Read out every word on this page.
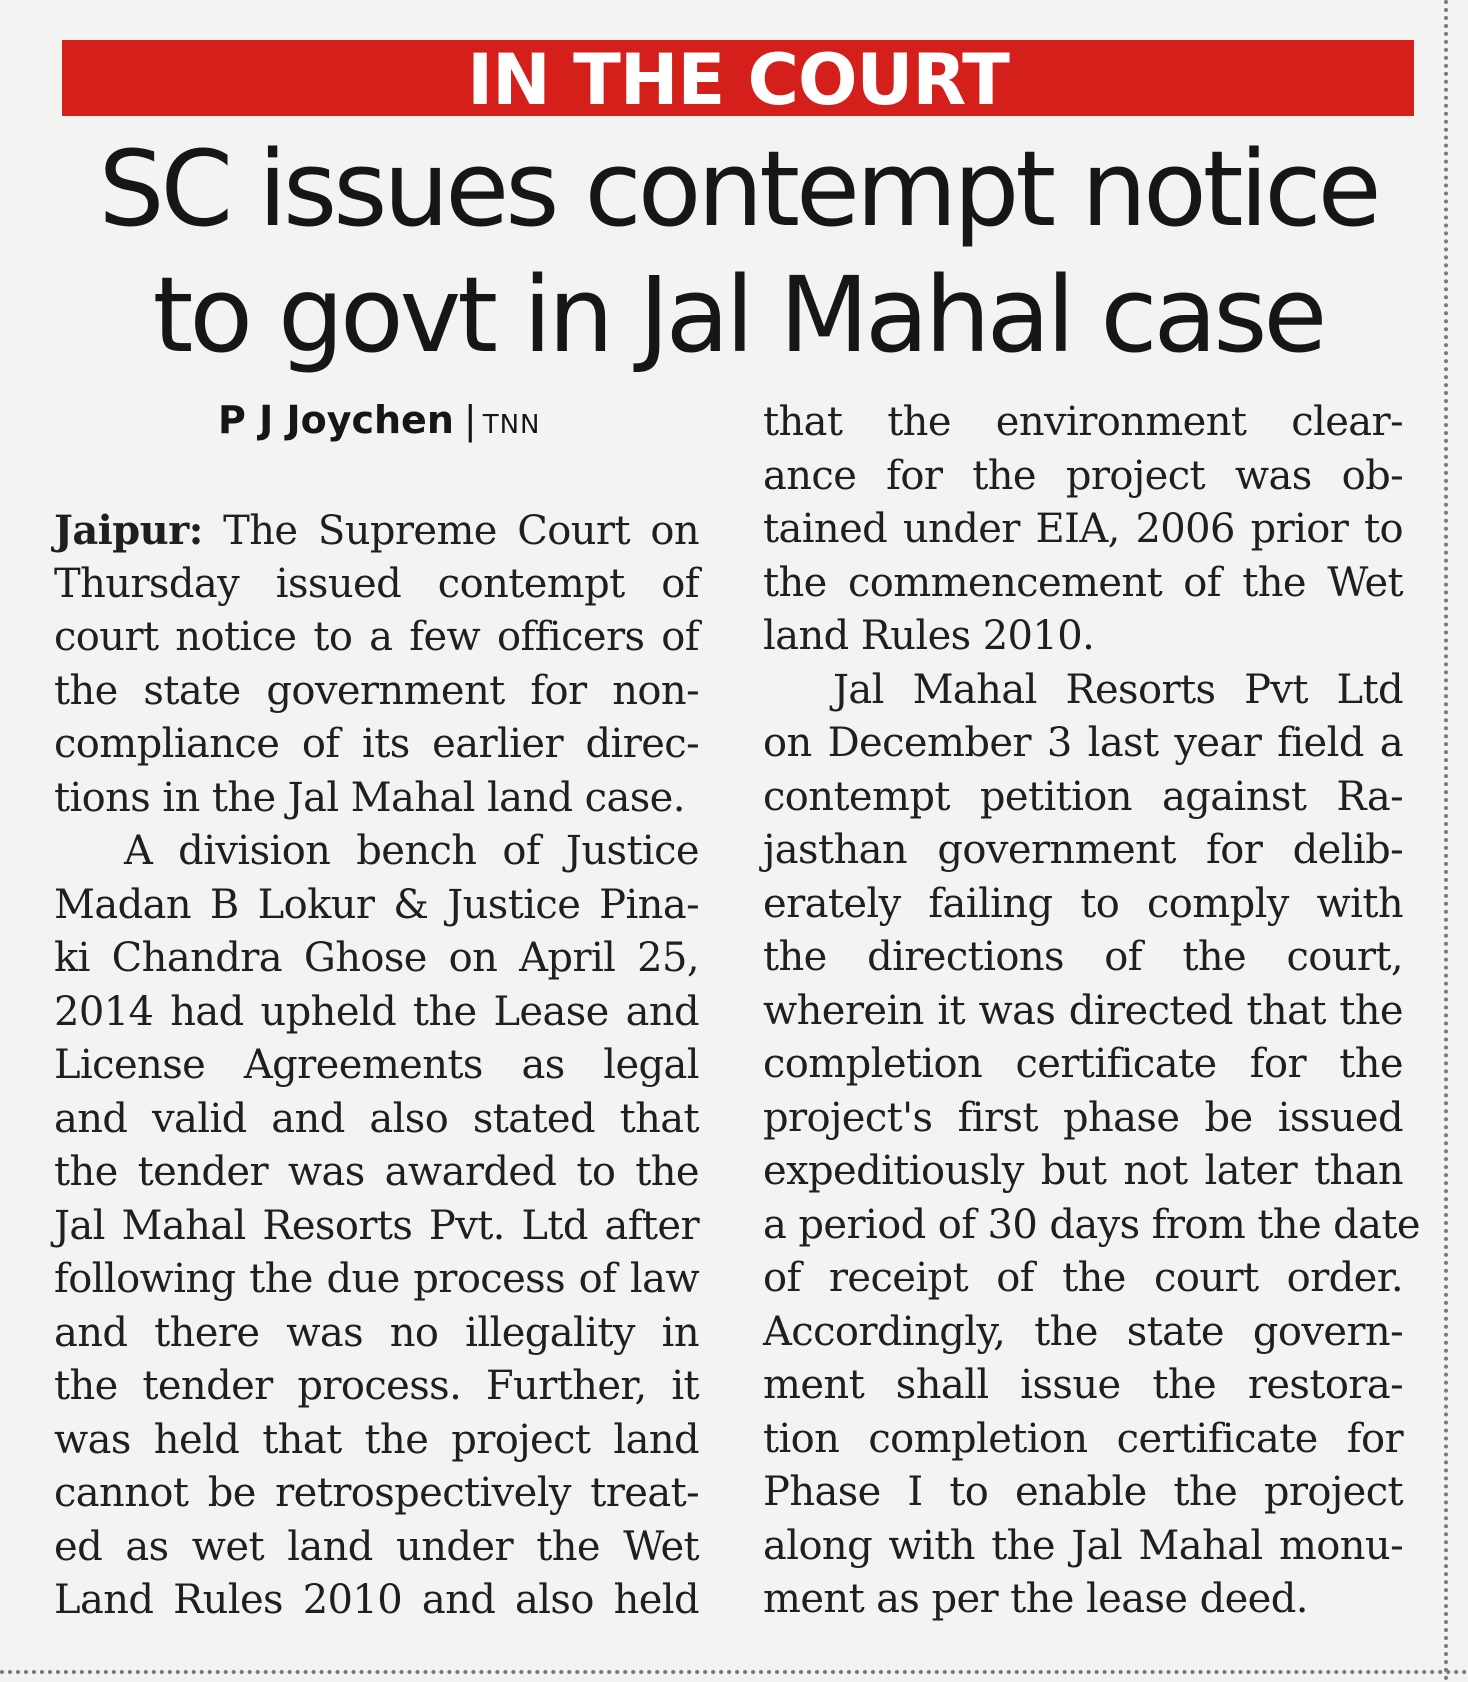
IN THE COURT
SC issues contempt notice to govt in Jal Mahal case
P J Joychen | TNN
Jaipur: The Supreme Court on
Thursday issued contempt of
court notice to a few officers of
the state government for non-
compliance of its earlier direc-
tions in the Jal Mahal land case.
A division bench of Justice
Madan B Lokur & Justice Pina-
ki Chandra Ghose on April 25,
2014 had upheld the Lease and
License Agreements as legal
and valid and also stated that
the tender was awarded to the
Jal Mahal Resorts Pvt. Ltd after
following the due process of law
and there was no illegality in
the tender process. Further, it
was held that the project land
cannot be retrospectively treat-
ed as wet land under the Wet
Land Rules 2010 and also held
that the environment clear-
ance for the project was ob-
tained under EIA, 2006 prior to
the commencement of the Wet
land Rules 2010.
Jal Mahal Resorts Pvt Ltd
on December 3 last year field a
contempt petition against Ra-
jasthan government for delib-
erately failing to comply with
the directions of the court,
wherein it was directed that the
completion certificate for the
project's first phase be issued
expeditiously but not later than
a period of 30 days from the date
of receipt of the court order.
Accordingly, the state govern-
ment shall issue the restora-
tion completion certificate for
Phase I to enable the project
along with the Jal Mahal monu-
ment as per the lease deed.
